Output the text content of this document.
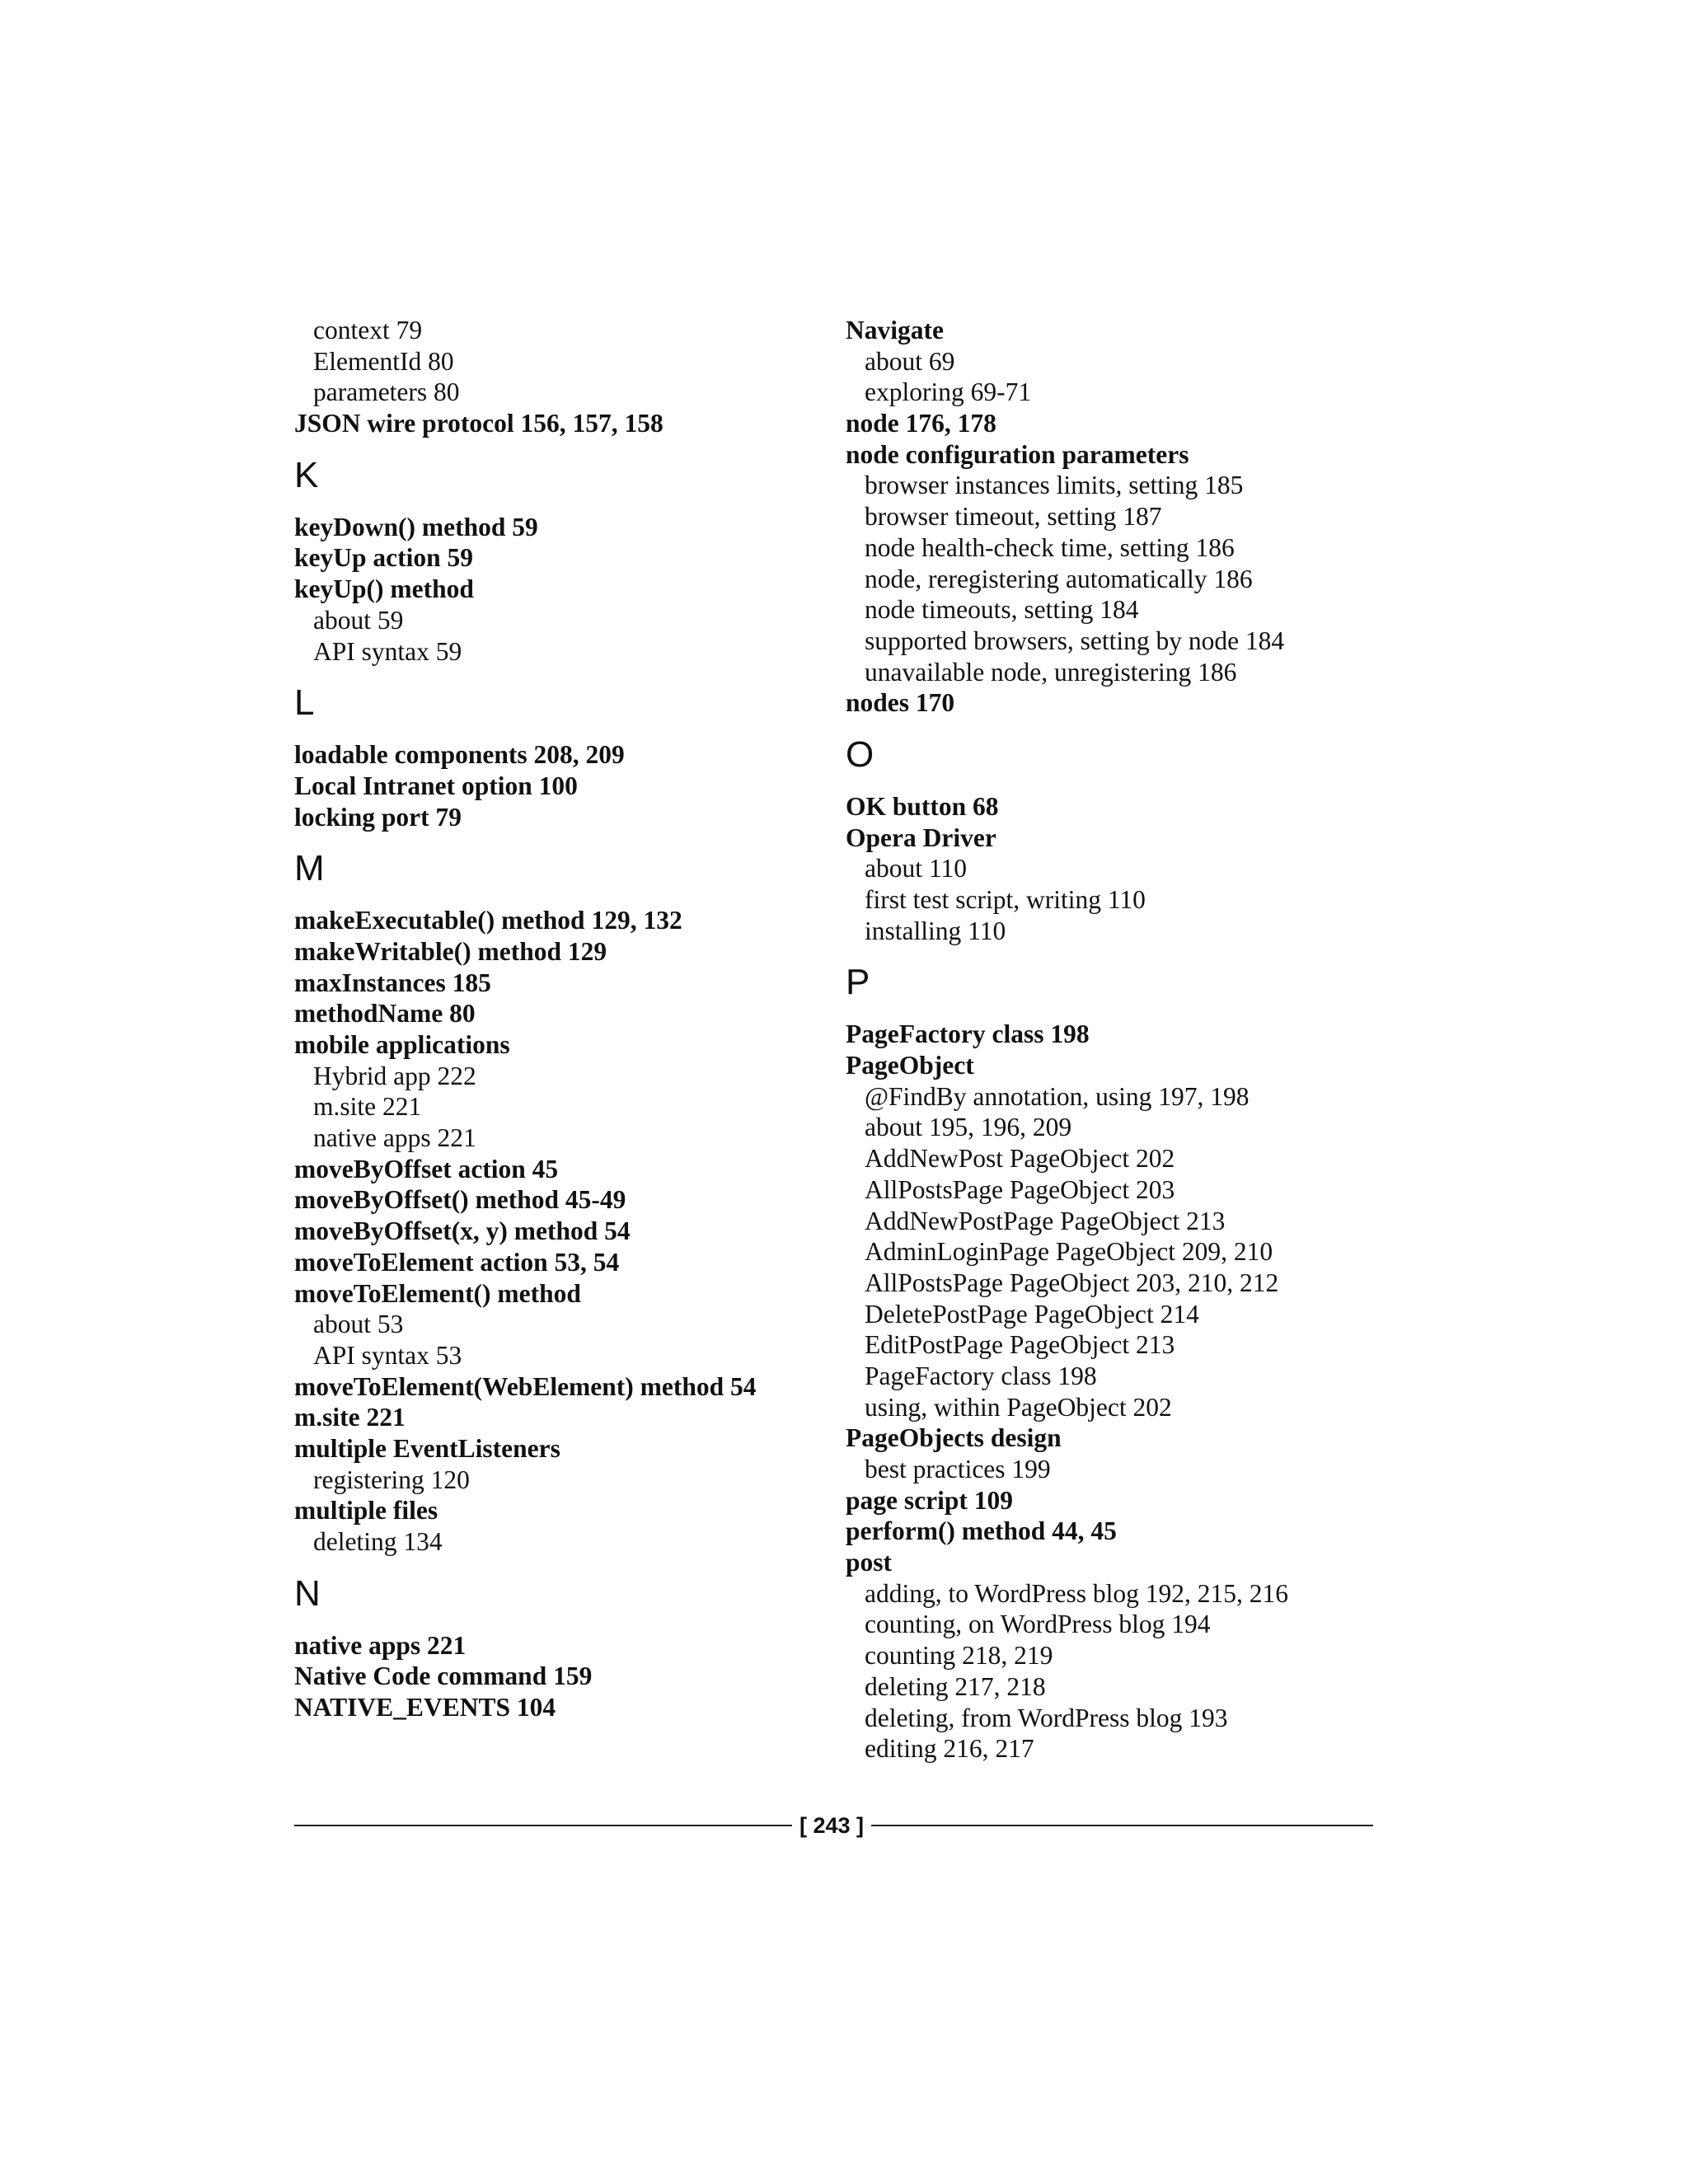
context 79
ElementId 80
parameters 80
JSON wire protocol 156, 157, 158
K
keyDown() method 59
keyUp action 59
keyUp() method
about 59
API syntax 59
L
loadable components 208, 209
Local Intranet option 100
locking port 79
M
makeExecutable() method 129, 132
makeWritable() method 129
maxInstances 185
methodName 80
mobile applications
Hybrid app 222
m.site 221
native apps 221
moveByOffset action 45
moveByOffset() method 45-49
moveByOffset(x, y) method 54
moveToElement action 53, 54
moveToElement() method
about 53
API syntax 53
moveToElement(WebElement) method 54
m.site 221
multiple EventListeners
registering 120
multiple files
deleting 134
N
native apps 221
Native Code command 159
NATIVE_EVENTS 104
Navigate
about 69
exploring 69-71
node 176, 178
node configuration parameters
browser instances limits, setting 185
browser timeout, setting 187
node health-check time, setting 186
node, reregistering automatically 186
node timeouts, setting 184
supported browsers, setting by node 184
unavailable node, unregistering 186
nodes 170
O
OK button 68
Opera Driver
about 110
first test script, writing 110
installing 110
P
PageFactory class 198
PageObject
@FindBy annotation, using 197, 198
about 195, 196, 209
AddNewPost PageObject 202
AllPostsPage PageObject 203
AddNewPostPage PageObject 213
AdminLoginPage PageObject 209, 210
AllPostsPage PageObject 203, 210, 212
DeletePostPage PageObject 214
EditPostPage PageObject 213
PageFactory class 198
using, within PageObject 202
PageObjects design
best practices 199
page script 109
perform() method 44, 45
post
adding, to WordPress blog 192, 215, 216
counting, on WordPress blog 194
counting 218, 219
deleting 217, 218
deleting, from WordPress blog 193
editing 216, 217
[ 243 ]
